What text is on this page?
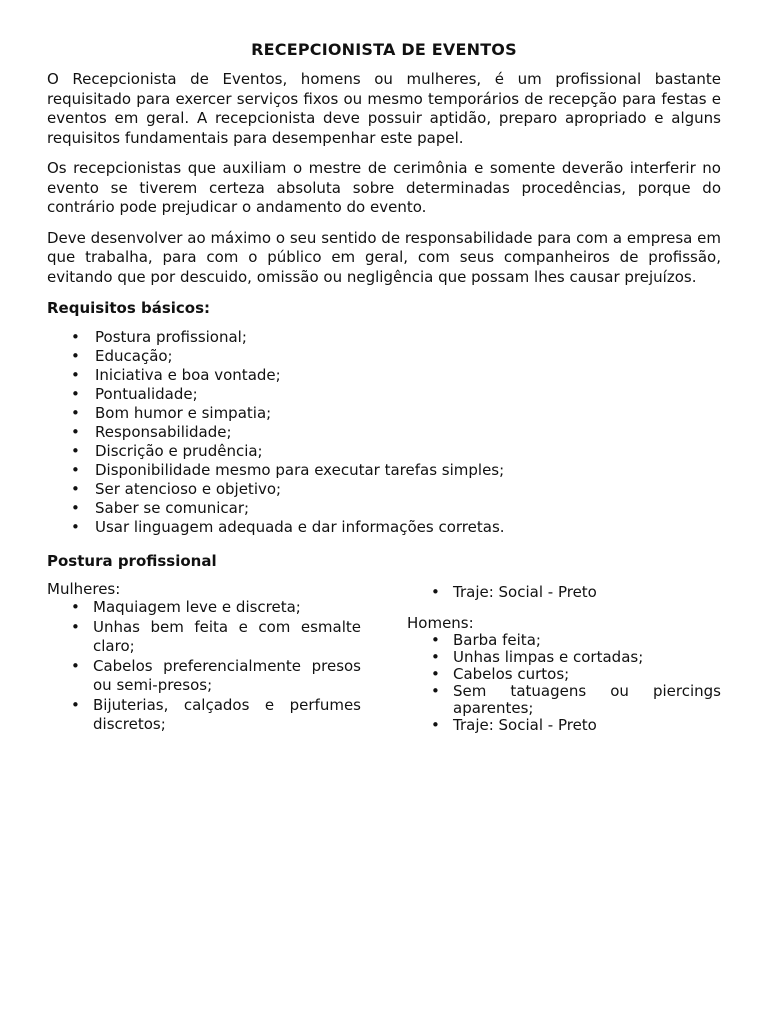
RECEPCIONISTA DE EVENTOS

O Recepcionista de Eventos, homens ou mulheres, é um profissional bastante requisitado para exercer serviços fixos ou mesmo temporários de recepção para festas e eventos em geral. A recepcionista deve possuir aptidão, preparo apropriado e alguns requisitos fundamentais para desempenhar este papel.

Os recepcionistas que auxiliam o mestre de cerimônia e somente deverão interferir no evento se tiverem certeza absoluta sobre determinadas procedências, porque do contrário pode prejudicar o andamento do evento.

Deve desenvolver ao máximo o seu sentido de responsabilidade para com a empresa em que trabalha, para com o público em geral, com seus companheiros de profissão, evitando que por descuido, omissão ou negligência que possam lhes causar prejuízos.

Requisitos básicos:
• Postura profissional;
• Educação;
• Iniciativa e boa vontade;
• Pontualidade;
• Bom humor e simpatia;
• Responsabilidade;
• Discrição e prudência;
• Disponibilidade mesmo para executar tarefas simples;
• Ser atencioso e objetivo;
• Saber se comunicar;
• Usar linguagem adequada e dar informações corretas.
Postura profissional

Mulheres:

• Maquiagem leve e discreta;
• Unhas bem feita e com esmalte claro;
• Cabelos preferencialmente presos ou semi-presos;
• Bijuterias, calçados e perfumes discretos;
• Traje: Social - Preto

Homens:

• Barba feita;
• Unhas limpas e cortadas;
• Cabelos curtos;
• Sem tatuagens ou piercings aparentes;
• Traje: Social - Preto
